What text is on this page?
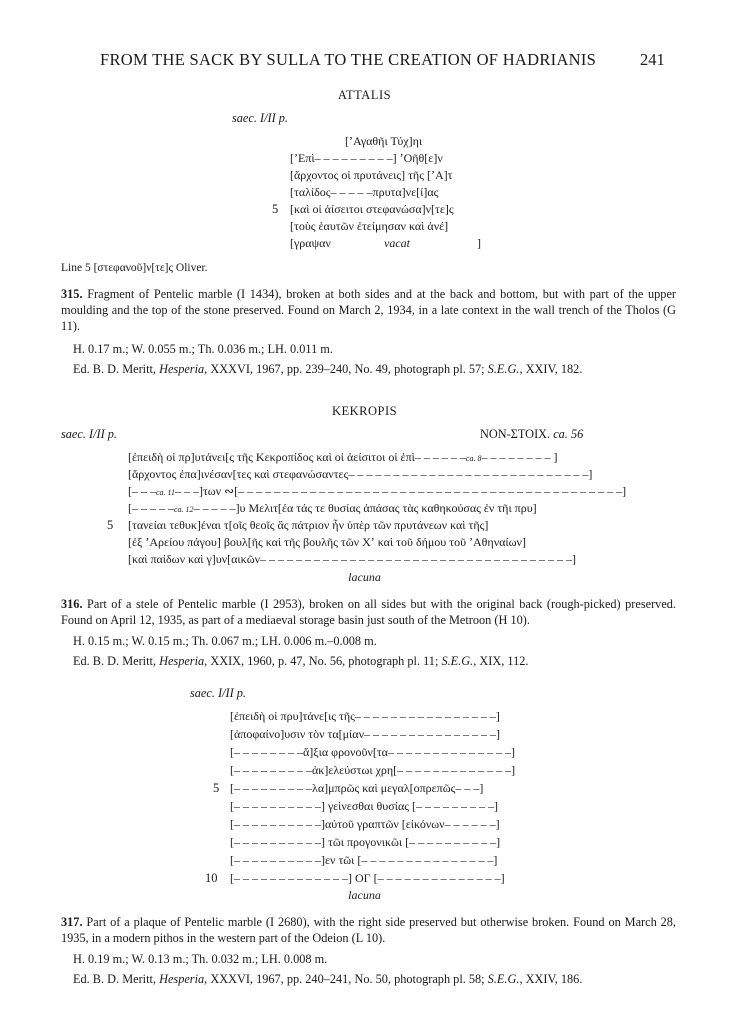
FROM THE SACK BY SULLA TO THE CREATION OF HADRIANIS	241
ATTALIS
saec. I/II p.
[ʼΑγαθῆι Τύχ]ηι
[ʼΕπὶ– – – – – – – – –] ʼΟῆθ[ε]ν
[ἄρχοντος οἱ πρυτάνεις] τῆς [ʼΑ]τ
[ταλίδος– – – – –πρυτα]νε[ί]ας
5 [καὶ οἱ ἀίσειτοι στεφανώσα]ν[τε]ς
[τοὺς ἑαυτῶν ἐτείμησαν καὶ ἀνέ]
[γραψαν	vacat	]
Line 5 [στεφανοῦ]ν[τε]ς Oliver.
315. Fragment of Pentelic marble (I 1434), broken at both sides and at the back and bottom, but with part of the upper moulding and the top of the stone preserved. Found on March 2, 1934, in a late context in the wall trench of the Tholos (G 11).
H. 0.17 m.; W. 0.055 m.; Th. 0.036 m.; LH. 0.011 m.
Ed. B. D. Meritt, Hesperia, XXXVI, 1967, pp. 239–240, No. 49, photograph pl. 57; S.E.G., XXIV, 182.
KEKROPIS
saec. I/II p.	ΝΟΝ-ΣΤΟΙΧ. ca. 56
[ἐπειδὴ οἱ πρ]υτάνει[ς τῆς Κεκροπίδος καὶ οἱ ἀείσιτοι οἱ ἐπὶ– – – – – –ca. 8– – – – – – – – ]
[ἄρχοντος ἐπα]ινέσαν[τες καὶ στεφανώσαντες– – – – – – – – – – – – – – – – – – – – – – – – – – –]
[– – –ca. 11– – –]των ∾[– – – – – – – – – – – – – – – – – – – – – – – – – – – – – – – – – – – – – – – – – – –]
[– – – – –ca. 12– – – – –]υ Μελιτ[έα τάς τε θυσίας ἁπάσας τὰς καθηκούσας ἐν τῆι πρυ]
5 [τανείαι τεθυκ]έναι τ[οῖς θεοῖς ἃς πάτριον ἦν ὑπὲρ τῶν πρυτάνεων καὶ τῆς]
[ἐξ ʼΑρείου πάγου] βουλ[ῆς καὶ τῆς βουλῆς τῶν Χʼ καὶ τοῦ δήμου τοῦ ʼΑθηναίων]
[καὶ παίδων καὶ γ]υν[αικῶν– – – – – – – – – – – – – – – – – – – – – – – – – – – – – – – – – – –]
lacuna
316. Part of a stele of Pentelic marble (I 2953), broken on all sides but with the original back (rough-picked) preserved. Found on April 12, 1935, as part of a mediaeval storage basin just south of the Metroon (H 10).
H. 0.15 m.; W. 0.15 m.; Th. 0.067 m.; LH. 0.006 m.–0.008 m.
Ed. B. D. Meritt, Hesperia, XXIX, 1960, p. 47, No. 56, photograph pl. 11; S.E.G., XIX, 112.
saec. I/II p.
[ἐπειδὴ οἱ πρυ]τάνε[ις τῆς– – – – – – – – – – – – – – – –]
[ἀποφαίνο]υσιν τὸν τα[μίαν– – – – – – – – – – – – – – –]
[– – – – – – – –ἄ]ξια φρονοῦν[τα– – – – – – – – – – – – – –]
[– – – – – – – – –ἀκ]ελεύστωι χρη[– – – – – – – – – – – – –]
5 [– – – – – – – – –λα]μπρῶς καὶ μεγαλ[οπρεπῶς– – –]
[– – – – – – – – – –] γεὶνεσθαι θυσίας [– – – – – – – – –]
[– – – – – – – – – –]αὐτοῦ γραπτῶν [εἰκόνων– – – – – –]
[– – – – – – – – – –] τῶι προγονικῶι [– – – – – – – – – –]
[– – – – – – – – – –]εν τῶι [– – – – – – – – – – – – – – –]
10 [– – – – – – – – – – – – –] ΟΓ [– – – – – – – – – – – – – –]
lacuna
317. Part of a plaque of Pentelic marble (I 2680), with the right side preserved but otherwise broken. Found on March 28, 1935, in a modern pithos in the western part of the Odeion (L 10).
H. 0.19 m.; W. 0.13 m.; Th. 0.032 m.; LH. 0.008 m.
Ed. B. D. Meritt, Hesperia, XXXVI, 1967, pp. 240–241, No. 50, photograph pl. 58; S.E.G., XXIV, 186.
